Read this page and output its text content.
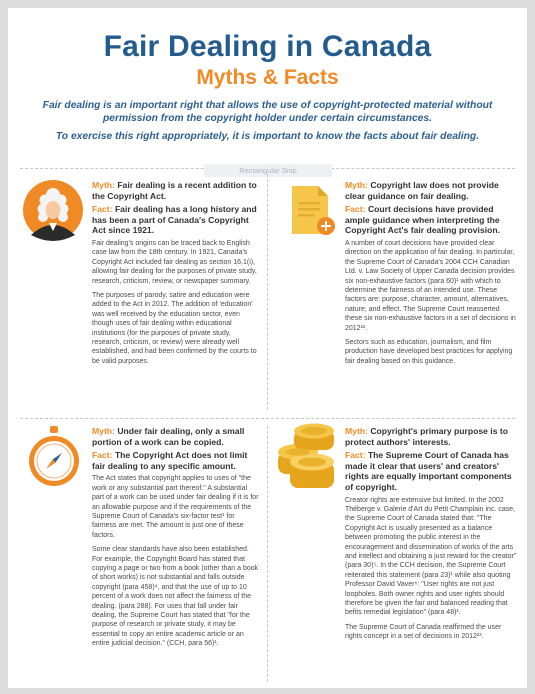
Fair Dealing in Canada
Myths & Facts
Fair dealing is an important right that allows the use of copyright-protected material without permission from the copyright holder under certain circumstances.
To exercise this right appropriately, it is important to know the facts about fair dealing.
Rectangular Snip

Myth: Fair dealing is a recent addition to the Copyright Act.

Fact: Fair dealing has a long history and has been a part of Canada's Copyright Act since 1921.

Fair dealing's origins can be traced back to English case law from the 18th century. In 1921, Canada's Copyright Act included fair dealing as section 16.1(i), allowing fair dealing for the purposes of private study, research, criticism, review, or newspaper summary.

The purposes of parody, satire and education were added to the Act in 2012. The addition of 'education' was well received by the education sector, even though uses of fair dealing within educational institutions (for the purposes of private study, research, criticism, or review) were already well established, and had been confirmed by the courts to be valid purposes.

Myth: Copyright law does not provide clear guidance on fair dealing.

Fact: Court decisions have provided ample guidance when interpreting the Copyright Act's fair dealing provision.

A number of court decisions have provided clear direction on the application of fair dealing. In particular, the Supreme Court of Canada's 2004 CCH Canadian Ltd. v. Law Society of Upper Canada decision provides six non-exhaustive factors (para 60)¹ with which to determine the fairness of an intended use. These factors are: purpose, character, amount, alternatives, nature, and effect. The Supreme Court reasserted these six non-exhaustive factors in a set of decisions in 2012²³.

Sectors such as education, journalism, and film production have developed best practices for applying fair dealing based on this guidance.

Myth: Under fair dealing, only a small portion of a work can be copied.

Fact: The Copyright Act does not limit fair dealing to any specific amount.

The Act states that copyright applies to uses of "the work or any substantial part thereof." A substantial part of a work can be used under fair dealing if it is for an allowable purpose and if the requirements of the Supreme Court of Canada's six-factor test¹ for fairness are met. The amount is just one of these factors.

Some clear standards have also been established. For example, the Copyright Board has stated that copying a page or two from a book (other than a book of short works) is not substantial and falls outside copyright (para 458)⁴, and that the use of up to 10 percent of a work does not affect the fairness of the dealing. (para 288). For uses that fall under fair dealing, the Supreme Court has stated that "for the purpose of research or private study, it may be essential to copy an entire academic article or an entire judicial decision." (CCH, para 56)¹.

Myth: Copyright's primary purpose is to protect authors' interests.

Fact: The Supreme Court of Canada has made it clear that users' and creators' rights are equally important components of copyright.

Creator rights are extensive but limited. In the 2002 Théberge v. Galerie d'Art du Petit Champlain inc. case, the Supreme Court of Canada stated that: "The Copyright Act is usually presented as a balance between promoting the public interest in the encouragement and dissemination of works of the arts and intellect and obtaining a just reward for the creator" (para 30)⁵. In the CCH decision, the Supreme Court reiterated this statement (para 23)¹ while also quoting Professor David Vaver⁶: "User rights are not just loopholes. Both owner rights and user rights should therefore be given the fair and balanced reading that befits remedial legislation" (para 48)¹.

The Supreme Court of Canada reaffirmed the user rights concept in a set of decisions in 2012²³.
